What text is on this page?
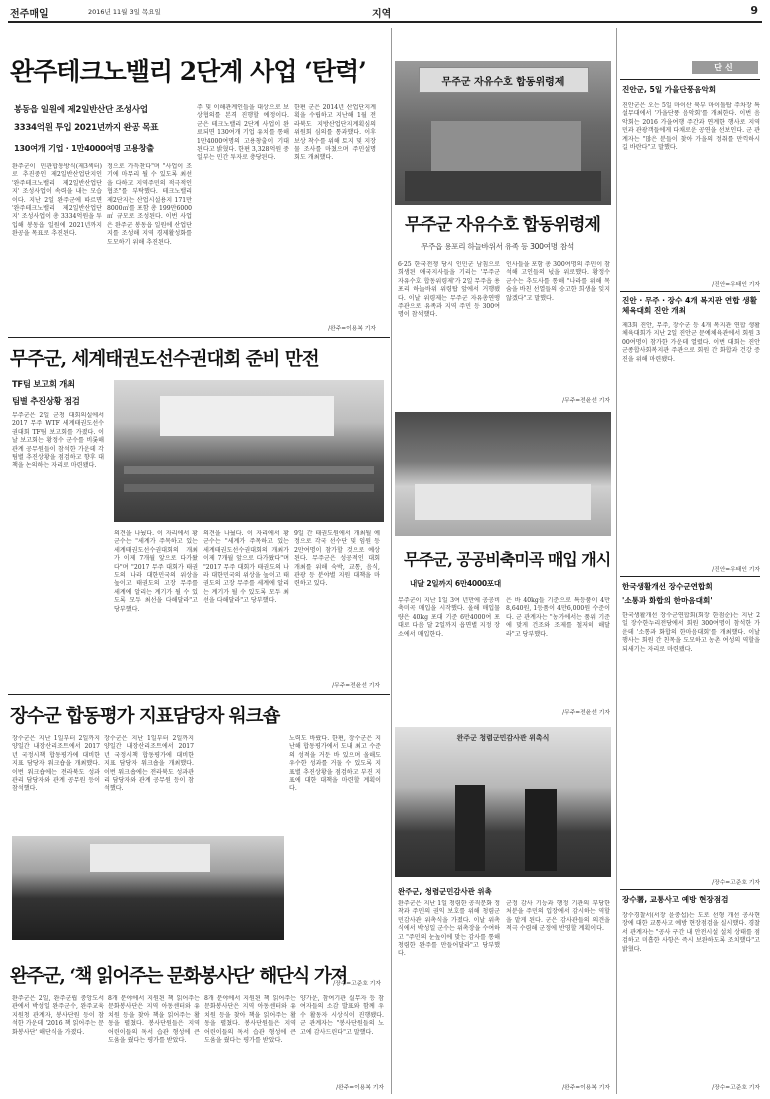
전주매일	2016년 11월 3일 목요일	지역	9
완주테크노밸리 2단계 사업 ‘탄력’
봉동읍 일원에 제2일반산단 조성사업
3334억원 투입 2021년까지 완공 목표
130여개 기업 · 1만4000여명 고용창출
완주군이 민관합동방식(제3섹터)로 추진중인 제2일반산업단지인 '완주테크노밸리 제2일반산업단지' 조성사업이 속력을 내는 모습이다. 지난 2일 완주군에 따르면 '완주테크노밸리 제2일반산업단지' 조성사업이 총 3334억원을 투입해 봉동읍 일원에 2021년까지 완공을 목표로 추진된다.
정으로 가득찬다"며 "사업이 조기에 마무리 될 수 있도록 최선을 다하고 지역주민의 적극적인 협조"를 부탁했다. 테크노밸리 제2단지는 산업시설용지 171만8000㎡를 포함 총 199만6000㎡ 규모로 조성된다. 이번 사업은 완주군 봉동읍 일원에 산업단지를 조성해 지역 경제활성화를 도모하기 위해 추진된다.
주 및 이해관계인들을 대상으로 보상협의를 본격 진행할 예정이다. 군은 테크노밸리 2단계 사업이 완료되면 130여개 기업 유치를 통해 1만4000여명의 고용창출이 기대된다고 밝혔다. 한편 3,328억원 중 일부는 민간 투자로 충당된다.
한편 군은 2014년 산업단지계획을 수립하고 지난해 1월 전라북도 지방산업단지계획심의위원회 심의를 통과했다. 이후 보상 착수를 위해 토지 및 지장물 조사를 마쳤으며 주민설명회도 개최했다.
/완주=이용복 기자
무주군 자유수호 합동위령제
무주군 자유수호 합동위령제
무주읍 용포리 하늘바위서 유족 등 300여명 참석
6·25 한국전쟁 당시 인민군 남침으로 희생된 애국지사들을 기리는 '무주군 자유수호 합동위령제'가 2일 무주읍 용포리 하늘바위 위령탑 앞에서 거행됐다. 이날 위령제는 무주군 자유총연맹 주관으로 유족과 지역 주민 등 300여명이 참석했다.
인사들을 포함 총 300여명의 주민이 참석해 고인들의 넋을 위로했다. 황정수 군수는 추도사를 통해 "나라를 위해 목숨을 바친 선열들의 숭고한 희생을 잊지 않겠다"고 말했다.
/무주=전윤선 기자
무주군, 세계태권도선수권대회 준비 만전
TF팀 보고회 개최
팀별 추진상황 점검
무주군은 2일 군청 대회의실에서 2017 무주 WTF 세계태권도선수권대회 TF팀 보고회를 가졌다. 이날 보고회는 황정수 군수를 비롯해 관계 공무원들이 참석한 가운데 각 팀별 추진상황을 점검하고 향후 대책을 논의하는 자리로 마련됐다.
의견을 나눴다. 이 자리에서 황 군수는 "세계가 주목하고 있는 세계태권도선수권대회의 개최가 이제 7개월 앞으로 다가왔다"며 "2017 무주 대회가 태권도의 나라 대한민국의 위상을 높이고 태권도의 고장 무주를 세계에 알리는 계기가 될 수 있도록 모두 최선을 다해달라"고 당부했다.
의견을 나눴다. 이 자리에서 황 군수는 "세계가 주목하고 있는 세계태권도선수권대회의 개최가 이제 7개월 앞으로 다가왔다"며 "2017 무주 대회가 태권도의 나라 대한민국의 위상을 높이고 태권도의 고장 무주를 세계에 알리는 계기가 될 수 있도록 모두 최선을 다해달라"고 당부했다.
9일 간 태권도원에서 개최될 예정으로 각국 선수단 및 임원 등 2만여명이 참가할 것으로 예상된다. 무주군은 성공적인 대회 개최를 위해 숙박, 교통, 음식, 관광 등 분야별 지원 대책을 마련하고 있다.
/무주=전윤선 기자
무주군, 공공비축미곡 매입 개시
내달 2일까지 6만4000포대
무주군이 지난 1일 3여 년만에 공공비축미곡 매입을 시작했다. 올해 매입물량은 40kg 포대 기준 6만4000여 포대로 다음 달 2일까지 읍면별 지정 장소에서 매입한다.
은 바 40kg들 기준으로 특등품이 4만 8,640원, 1등품이 4만6,000원 수준이다. 군 관계자는 "농가에서는 품위 기준에 맞게 건조와 조제를 철저히 해달라"고 당부했다.
/무주=전윤선 기자
장수군 합동평가 지표담당자 워크숍
장수군은 지난 1일부터 2일까지 양일간 내장산리조트에서 2017년 국정시책 합동평가에 대비한 지표 담당자 워크숍을 개최했다. 이번 워크숍에는 전라북도 성과관리 담당자와 관계 공무원 등이 참석했다.
장수군은 지난 1일부터 2일까지 양일간 내장산리조트에서 2017년 국정시책 합동평가에 대비한 지표 담당자 워크숍을 개최했다. 이번 워크숍에는 전라북도 성과관리 담당자와 관계 공무원 등이 참석했다.
노력도 바랐다. 한편, 장수군은 지난해 합동평가에서 도내 최고 수준의 성적을 거둔 바 있으며 올해도 우수한 성과를 거둘 수 있도록 지표별 추진상황을 점검하고 부진 지표에 대한 대책을 마련할 계획이다.
/장수=고준호 기자
완주군, ‘책 읽어주는 문화봉사단’ 해단식 가져
완주군은 2일, 완주군립 중앙도서관에서 박성일 완주군수, 완주교육지원청 관계자, 봉사단원 등이 참석한 가운데 '2016 책 읽어주는 문화봉사단' 해단식을 가졌다.
8개 분야에서 지원된 책 읽어주는 문화봉사단은 지역 아동센터와 유치원 등을 찾아 책을 읽어주는 활동을 펼쳤다. 봉사단원들은 지역 어린이들의 독서 습관 형성에 큰 도움을 줬다는 평가를 받았다.
8개 분야에서 지원된 책 읽어주는 문화봉사단은 지역 아동센터와 유치원 등을 찾아 책을 읽어주는 활동을 펼쳤다. 봉사단원들은 지역 어린이들의 독서 습관 형성에 큰 도움을 줬다는 평가를 받았다.
양가운, 참여기관 실무자 등 참여자들의 소감 발표와 함께 우수 활동자 시상식이 진행됐다. 군 관계자는 "봉사단원들의 노고에 감사드린다"고 말했다.
/완주=이용복 기자
완주군 청렴군민감사관 위촉식
완주군, 청렴군민감사관 위촉
완주군은 지난 1일 청렴한 공직문화 정착과 주민의 권익 보호를 위해 청렴군민감사관 위촉식을 가졌다. 이날 위촉식에서 박성일 군수는 위촉장을 수여하고 "주민의 눈높이에 맞는 감사를 통해 청렴한 완주를 만들어달라"고 당부했다.
군정 감사 기능과 행정 기관의 부당한 처분을 주민의 입장에서 감시하는 역할을 맡게 된다. 군은 감사관들의 의견을 적극 수렴해 군정에 반영할 계획이다.
/완주=이용복 기자
단신
진안군, 5일 가을단풍음악회
진안군은 오는 5일 마이산 북부 마이돌탑 주차장 특설무대에서 '가을단풍 음악회'를 개최한다. 이번 음악회는 2016 가을여행 주간과 연계한 행사로 지역민과 관광객들에게 다채로운 공연을 선보인다. 군 관계자는 "많은 분들이 찾아 가을의 정취를 만끽하시길 바란다"고 말했다.
/진안=우태인 기자
진안 · 무주 · 장수 4개 복지관 연합 생활체육대회 진안 개최
제3회 진안, 무주, 장수군 등 4개 복지관 연합 생활체육대회가 지난 2일 진안군 문예체육관에서 회원 300여명이 참가한 가운데 열렸다. 이번 대회는 진안군종합사회복지관 주관으로 회원 간 화합과 건강 증진을 위해 마련됐다.
/진안=우태인 기자
한국생활개선 장수군연합회
'소통과 화합의 한마음대회'
한국생활개선 장수군연합회(회장 한점순)는 지난 2일 장수한누리전당에서 회원 300여명이 참석한 가운데 '소통과 화합의 한마음대회'를 개최했다. 이날 행사는 회원 간 친목을 도모하고 농촌 여성의 역할을 되새기는 자리로 마련됐다.
/장수=고준호 기자
장수署, 교통사고 예방 현장점검
장수경찰서(서장 윤중섭)는 도로 선형 개선 공사현장에 대한 교통사고 예방 현장점검을 실시했다. 경찰서 관계자는 "공사 구간 내 안전시설 설치 상태를 점검하고 미흡한 사항은 즉시 보완하도록 조치했다"고 밝혔다.
/장수=고준호 기자
